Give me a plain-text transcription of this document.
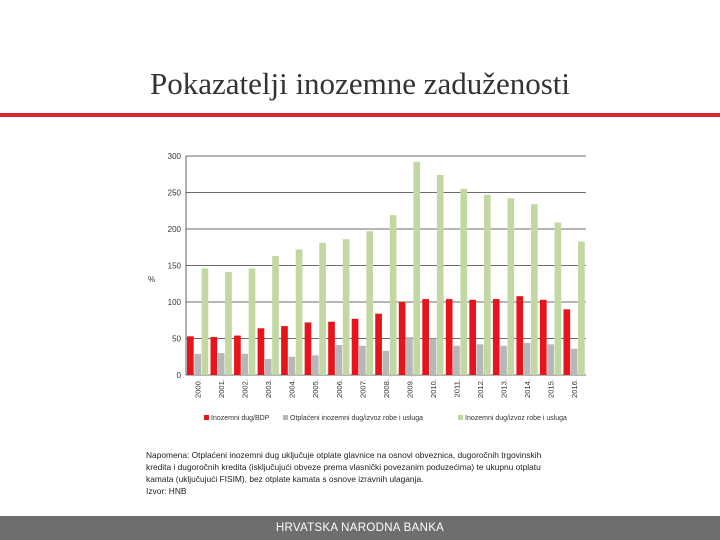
Pokazatelji inozemne zaduženosti
0
50
100
150
200
250
300
%
2000. 2001. 2002. 2003. 2004. 2005. 2006. 2007. 2008. 2009. 2010. 2011. 2012. 2013. 2014. 2015. 2016.
Inozemni dug/BDP	Otplaćeni inozemni dug/izvoz robe i usluga	Inozemni dug/izvoz robe i usluga
Napomena: Otplaćeni inozemni dug uključuje otplate glavnice na osnovi obveznica, dugoročnih trgovinskih
kredita i dugoročnih kredita (isključujući obveze prema vlasnički povezanim poduzećima) te ukupnu otplatu
kamata (uključujući FISIM), bez otplate kamata s osnove izravnih ulaganja.
Izvor: HNB
HRVATSKA NARODNA BANKA
